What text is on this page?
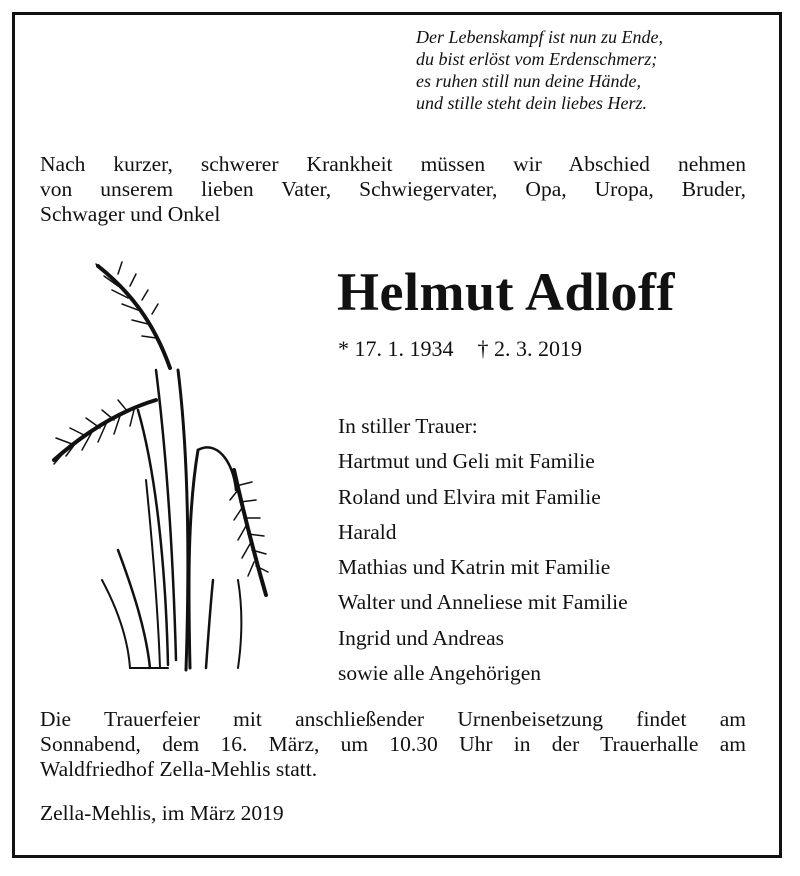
Der Lebenskampf ist nun zu Ende,
du bist erlöst vom Erdenschmerz;
es ruhen still nun deine Hände,
und stille steht dein liebes Herz.
Nach kurzer, schwerer Krankheit müssen wir Abschied nehmen
von unserem lieben Vater, Schwiegervater, Opa, Uropa, Bruder,
Schwager und Onkel
Helmut Adloff
* 17. 1. 1934 † 2. 3. 2019
In stiller Trauer:
Hartmut und Geli mit Familie
Roland und Elvira mit Familie
Harald
Mathias und Katrin mit Familie
Walter und Anneliese mit Familie
Ingrid und Andreas
sowie alle Angehörigen
Die Trauerfeier mit anschließender Urnenbeisetzung findet am
Sonnabend, dem 16. März, um 10.30 Uhr in der Trauerhalle am
Waldfriedhof Zella-Mehlis statt.
Zella-Mehlis, im März 2019
